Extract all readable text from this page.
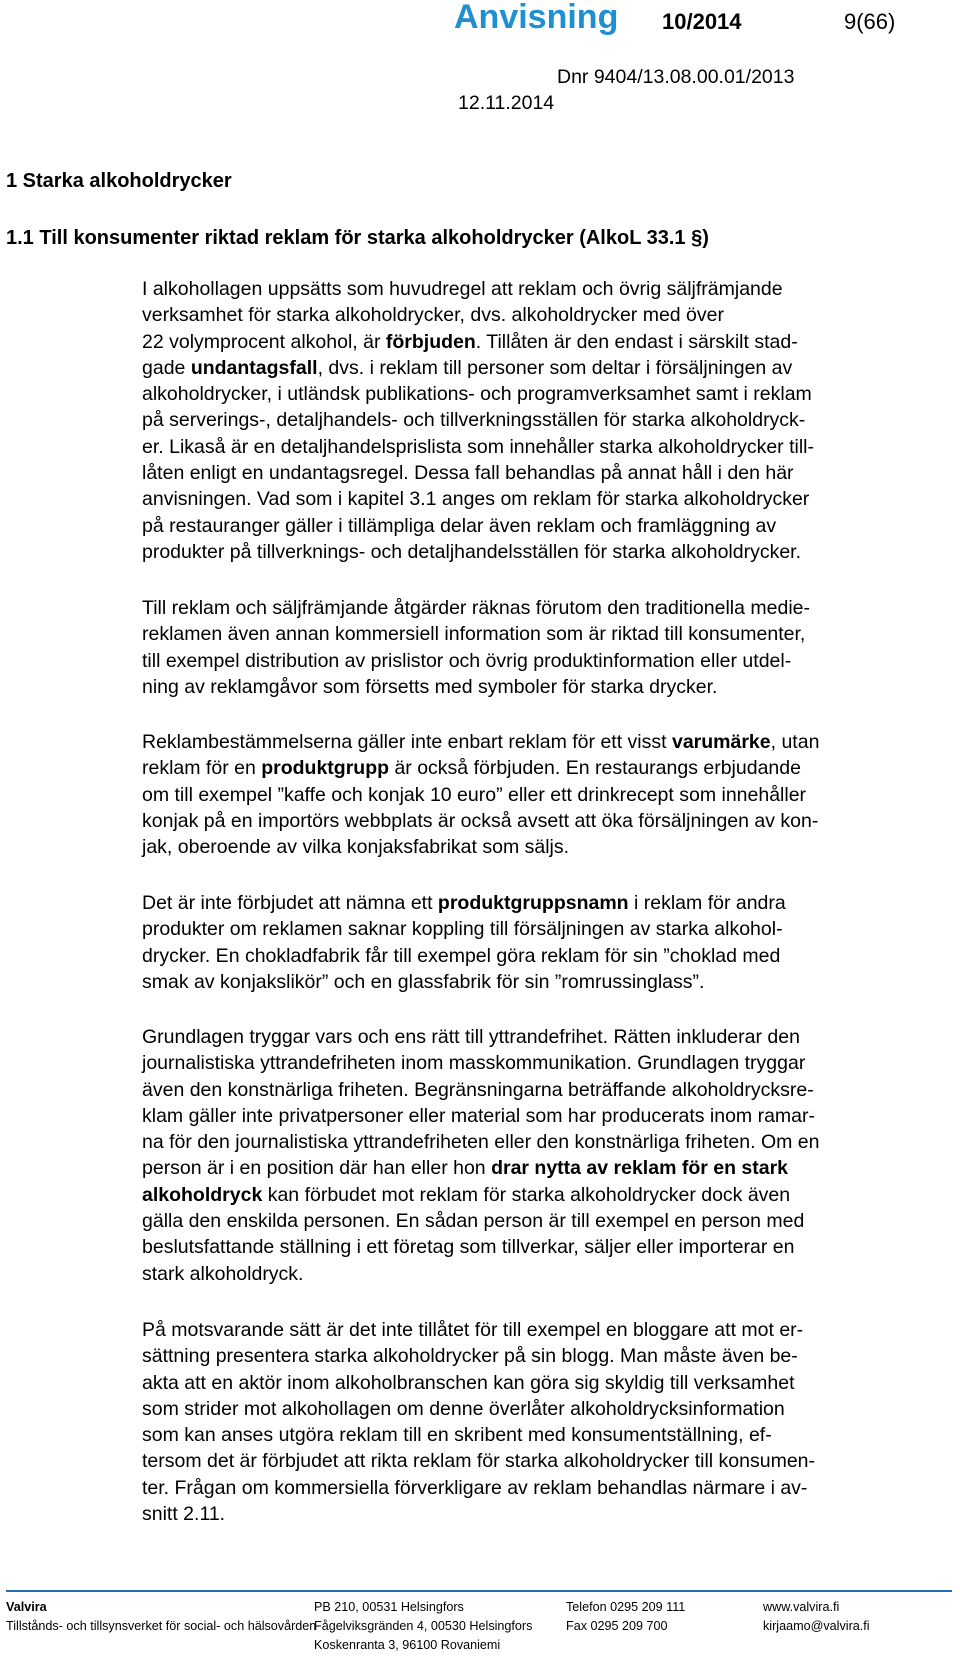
Anvisning 10/2014	9(66)
Dnr 9404/13.08.00.01/2013
12.11.2014
1 Starka alkoholdrycker
1.1 Till konsumenter riktad reklam för starka alkoholdrycker (AlkoL 33.1 §)
I alkohollagen uppsätts som huvudregel att reklam och övrig säljfrämjande
verksamhet för starka alkoholdrycker, dvs. alkoholdrycker med över
22 volymprocent alkohol, är förbjuden. Tillåten är den endast i särskilt stad-
gade undantagsfall, dvs. i reklam till personer som deltar i försäljningen av
alkoholdrycker, i utländsk publikations- och programverksamhet samt i reklam
på serverings-, detaljhandels- och tillverkningsställen för starka alkoholdryck-
er. Likaså är en detaljhandelsprislista som innehåller starka alkoholdrycker till-
låten enligt en undantagsregel. Dessa fall behandlas på annat håll i den här
anvisningen. Vad som i kapitel 3.1 anges om reklam för starka alkoholdrycker
på restauranger gäller i tillämpliga delar även reklam och framläggning av
produkter på tillverknings- och detaljhandelsställen för starka alkoholdrycker.
Till reklam och säljfrämjande åtgärder räknas förutom den traditionella medie-
reklamen även annan kommersiell information som är riktad till konsumenter,
till exempel distribution av prislistor och övrig produktinformation eller utdel-
ning av reklamgåvor som försetts med symboler för starka drycker.
Reklambestämmelserna gäller inte enbart reklam för ett visst varumärke, utan
reklam för en produktgrupp är också förbjuden. En restaurangs erbjudande
om till exempel ”kaffe och konjak 10 euro” eller ett drinkrecept som innehåller
konjak på en importörs webbplats är också avsett att öka försäljningen av kon-
jak, oberoende av vilka konjaksfabrikat som säljs.
Det är inte förbjudet att nämna ett produktgruppsnamn i reklam för andra
produkter om reklamen saknar koppling till försäljningen av starka alkohol-
drycker. En chokladfabrik får till exempel göra reklam för sin ”choklad med
smak av konjakslikör” och en glassfabrik för sin ”romrussinglass”.
Grundlagen tryggar vars och ens rätt till yttrandefrihet. Rätten inkluderar den
journalistiska yttrandefriheten inom masskommunikation. Grundlagen tryggar
även den konstnärliga friheten. Begränsningarna beträffande alkoholdrycksre-
klam gäller inte privatpersoner eller material som har producerats inom ramar-
na för den journalistiska yttrandefriheten eller den konstnärliga friheten. Om en
person är i en position där han eller hon drar nytta av reklam för en stark
alkoholdryck kan förbudet mot reklam för starka alkoholdrycker dock även
gälla den enskilda personen. En sådan person är till exempel en person med
beslutsfattande ställning i ett företag som tillverkar, säljer eller importerar en
stark alkoholdryck.
På motsvarande sätt är det inte tillåtet för till exempel en bloggare att mot er-
sättning presentera starka alkoholdrycker på sin blogg. Man måste även be-
akta att en aktör inom alkoholbranschen kan göra sig skyldig till verksamhet
som strider mot alkohollagen om denne överlåter alkoholdrycksinformation
som kan anses utgöra reklam till en skribent med konsumentställning, ef-
tersom det är förbjudet att rikta reklam för starka alkoholdrycker till konsumen-
ter. Frågan om kommersiella förverkligare av reklam behandlas närmare i av-
snitt 2.11.
Valvira
Tillstånds- och tillsynsverket för social- och hälsovården
PB 210, 00531 Helsingfors
Fågelviksgränden 4, 00530 Helsingfors
Koskenranta 3, 96100 Rovaniemi
Telefon 0295 209 111
Fax 0295 209 700
www.valvira.fi
kirjaamo@valvira.fi
